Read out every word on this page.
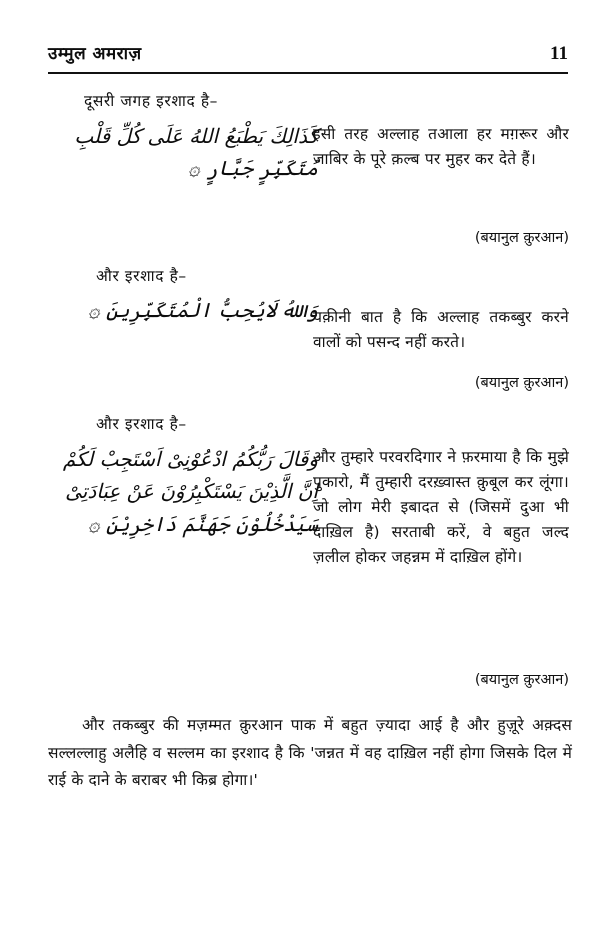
उम्मुल अमराज़	11
दूसरी जगह इरशाद है–
كَذَالِكَ يَطْبَعُ اللهُ عَلَى كُلِّ قَلْبِ
مُتَكَبِّرٍ جَبَّارٍ ۞
इसी तरह अल्लाह तआला हर मग़रूर और जाबिर के पूरे क़ल्ब पर मुहर कर देते हैं।
(बयानुल क़ुरआन)
और इरशाद है–
وَاللهُ لَايُحِبُّ الْمُتَكَبِّرِينَ ۞
यक़ीनी बात है कि अल्लाह तकब्बुर करने वालों को पसन्द नहीं करते।
(बयानुल क़ुरआन)
और इरशाद है–
وَقَالَ رَبُّكُمُ ادْعُوْنِىْ اَسْتَجِبْ لَكُمْ
اِنَّ الَّذِيْنَ يَسْتَكْبِرُوْنَ عَنْ عِبَادَتِىْ
سَيَدْخُلُوْنَ جَهَنَّمَ دَاخِرِيْنَ ۞
और तुम्हारे परवरदिगार ने फ़रमाया है कि मुझे पुकारो, मैं तुम्हारी दरख़्वास्त क़ुबूल कर लूंगा। जो लोग मेरी इबादत से (जिसमें दुआ भी दाख़िल है) सरताबी करें, वे बहुत जल्द ज़लील होकर जहन्नम में दाख़िल होंगे।
(बयानुल क़ुरआन)
और तकब्बुर की मज़म्मत क़ुरआन पाक में बहुत ज़्यादा आई है और हुज़ूरे अक़्दस सल्लल्लाहु अलैहि व सल्लम का इरशाद है कि 'जन्नत में वह दाख़िल नहीं होगा जिसके दिल में राई के दाने के बराबर भी किब्र होगा।'
